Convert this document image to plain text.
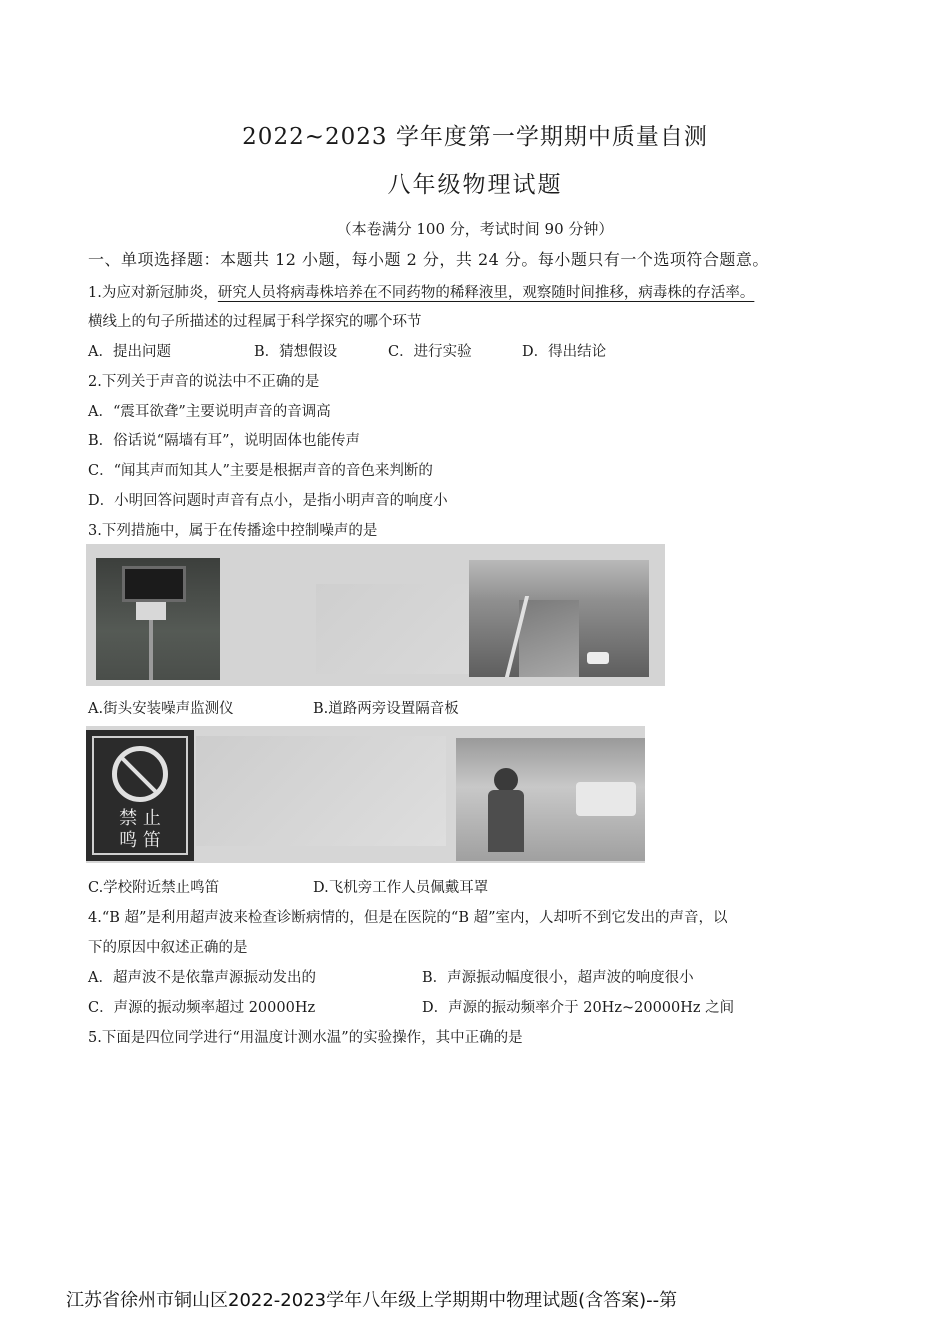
2022~2023 学年度第一学期期中质量自测
八年级物理试题
（本卷满分 100 分，考试时间 90 分钟）
一、单项选择题：本题共 12 小题，每小题 2 分，共 24 分。每小题只有一个选项符合题意。
1.为应对新冠肺炎，研究人员将病毒株培养在不同药物的稀释液里，观察随时间推移，病毒株的存活率。
横线上的句子所描述的过程属于科学探究的哪个环节
A．提出问题	B．猜想假设	C．进行实验	D．得出结论
2.下列关于声音的说法中不正确的是
A．“震耳欲聋”主要说明声音的音调高
B．俗话说“隔墙有耳”，说明固体也能传声
C．“闻其声而知其人”主要是根据声音的音色来判断的
D．小明回答问题时声音有点小，是指小明声音的响度小
3.下列措施中，属于在传播途中控制噪声的是
A.街头安装噪声监测仪	B.道路两旁设置隔音板
禁 止
鸣 笛
C.学校附近禁止鸣笛	D.飞机旁工作人员佩戴耳罩
4.“B 超”是利用超声波来检查诊断病情的，但是在医院的“B 超”室内，人却听不到它发出的声音，以
下的原因中叙述正确的是
A．超声波不是依靠声源振动发出的	B．声源振动幅度很小，超声波的响度很小
C．声源的振动频率超过 20000Hz	D．声源的振动频率介于 20Hz~20000Hz 之间
5.下面是四位同学进行“用温度计测水温”的实验操作，其中正确的是
江苏省徐州市铜山区2022-2023学年八年级上学期期中物理试题(含答案)--第
